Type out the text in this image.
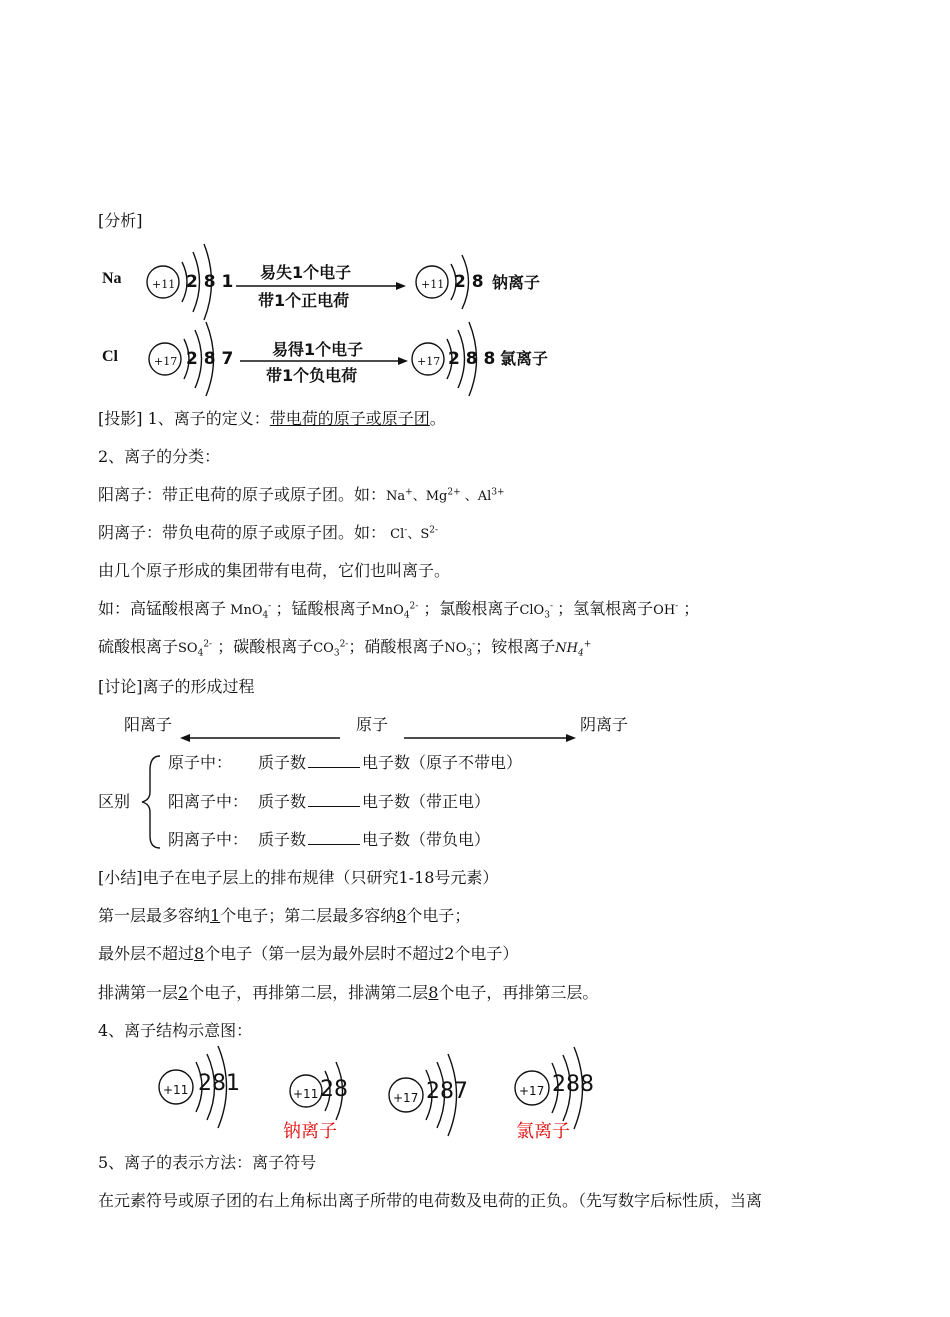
[分析]
Na	+11 2 8 1 易失1个电子
带1个正电荷
+11 2 8 钠离子
Cl	+17 2 8 7 易得1个电子
带1个负电荷
+17 2 8 8 氯离子
[投影] 1、离子的定义：带电荷的原子或原子团。
2、离子的分类：
阳离子：带正电荷的原子或原子团。如：Na+、$Mg^{2+}$ 、$Al^{3+}$
阴离子：带负电荷的原子或原子团。如： Cl-、$S^{2-}$
由几个原子形成的集团带有电荷，它们也叫离子。
如：高锰酸根离子 MnO$_4$- ；锰酸根离子MnO$_4^{2-}$ ；氯酸根离子ClO$_3$- ；氢氧根离子OH- ；
硫酸根离子$SO_4^{2-}$ ；碳酸根离子$CO_3^{2-}$；硝酸根离子$NO_3^-$；铵根离子$NH_4^+$
[讨论]离子的形成过程
阳离子	原子	阴离子
区别
原子中： 质子数	电子数（原子不带电）
阳离子中： 质子数	电子数（带正电）
阴离子中： 质子数	电子数（带负电）
[小结]电子在电子层上的排布规律（只研究1-18号元素）
第一层最多容纳1个电子；第二层最多容纳8个电子；
最外层不超过8个电子（第一层为最外层时不超过2个电子）
排满第一层2个电子，再排第二层，排满第二层8个电子，再排第三层。
4、离子结构示意图：
+11 281	+11 28
钠离子
+17 287	+17 288
氯离子
5、离子的表示方法：离子符号
在元素符号或原子团的右上角标出离子所带的电荷数及电荷的正负。（先写数字后标性质，当离
